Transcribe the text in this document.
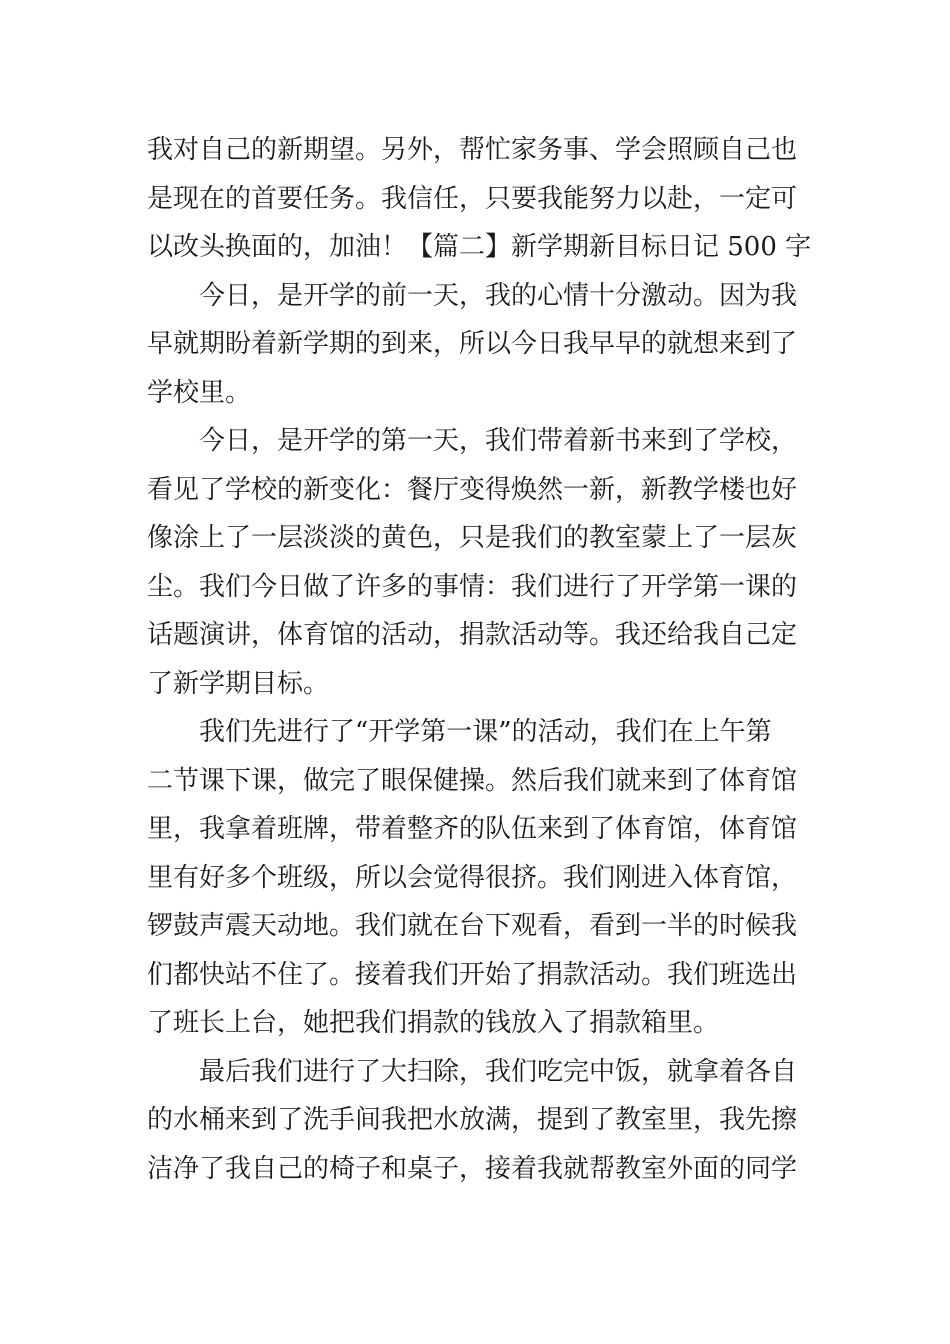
我对自己的新期望。另外，帮忙家务事、学会照顾自己也
是现在的首要任务。我信任，只要我能努力以赴，一定可
以改头换面的，加油！【篇二】新学期新目标日记 500 字
今日，是开学的前一天，我的心情十分激动。因为我
早就期盼着新学期的到来，所以今日我早早的就想来到了
学校里。
今日，是开学的第一天，我们带着新书来到了学校，
看见了学校的新变化：餐厅变得焕然一新，新教学楼也好
像涂上了一层淡淡的黄色，只是我们的教室蒙上了一层灰
尘。我们今日做了许多的事情：我们进行了开学第一课的
话题演讲，体育馆的活动，捐款活动等。我还给我自己定
了新学期目标。
我们先进行了“开学第一课”的活动，我们在上午第
二节课下课，做完了眼保健操。然后我们就来到了体育馆
里，我拿着班牌，带着整齐的队伍来到了体育馆，体育馆
里有好多个班级，所以会觉得很挤。我们刚进入体育馆，
锣鼓声震天动地。我们就在台下观看，看到一半的时候我
们都快站不住了。接着我们开始了捐款活动。我们班选出
了班长上台，她把我们捐款的钱放入了捐款箱里。
最后我们进行了大扫除，我们吃完中饭，就拿着各自
的水桶来到了洗手间我把水放满，提到了教室里，我先擦
洁净了我自己的椅子和桌子，接着我就帮教室外面的同学
